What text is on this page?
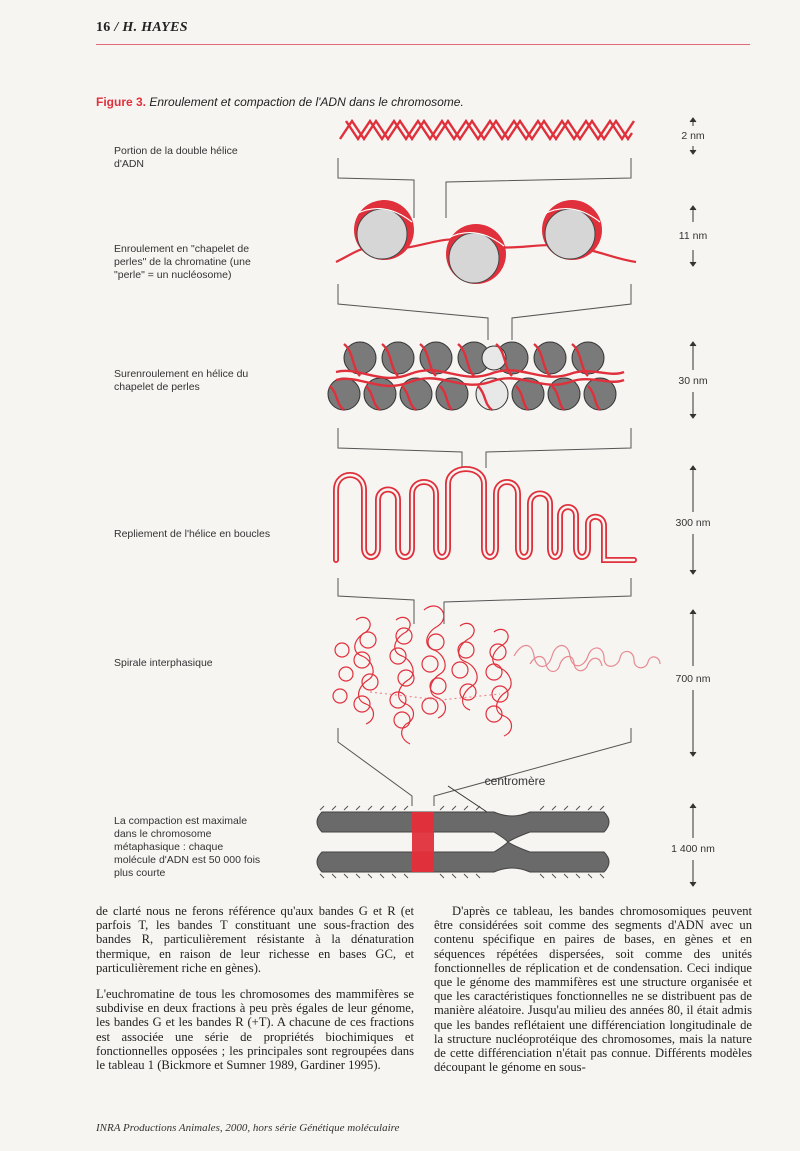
16 / H. HAYES
Figure 3. Enroulement et compaction de l'ADN dans le chromosome.
Portion de la double hélice d'ADN
Enroulement en "chapelet de perles" de la chromatine (une "perle" = un nucléosome)
Surenroulement en hélice du chapelet de perles
Repliement de l'hélice en boucles
Spirale interphasique
La compaction est maximale dans le chromosome métaphasique : chaque molécule d'ADN est 50 000 fois plus courte
2 nm
11 nm
30 nm
300 nm
700 nm
1 400 nm
centromère

de clarté nous ne ferons référence qu'aux bandes G et R (et parfois T, les bandes T constituant une sous-fraction des bandes R, particulièrement résistante à la dénaturation thermique, en raison de leur richesse en bases GC, et particulièrement riche en gènes).

L'euchromatine de tous les chromosomes des mammifères se subdivise en deux fractions à peu près égales de leur génome, les bandes G et les bandes R (+T). A chacune de ces fractions est associée une série de propriétés biochimiques et fonctionnelles opposées ; les principales sont regroupées dans le tableau 1 (Bickmore et Sumner 1989, Gardiner 1995).

D'après ce tableau, les bandes chromosomiques peuvent être considérées soit comme des segments d'ADN avec un contenu spécifique en paires de bases, en gènes et en séquences répétées dispersées, soit comme des unités fonctionnelles de réplication et de condensation. Ceci indique que le génome des mammifères est une structure organisée et que les caractéristiques fonctionnelles ne se distribuent pas de manière aléatoire. Jusqu'au milieu des années 80, il était admis que les bandes reflétaient une différenciation longitudinale de la structure nucléoprotéique des chromosomes, mais la nature de cette différenciation n'était pas connue. Différents modèles découpant le génome en sous-

INRA Productions Animales, 2000, hors série Génétique moléculaire
